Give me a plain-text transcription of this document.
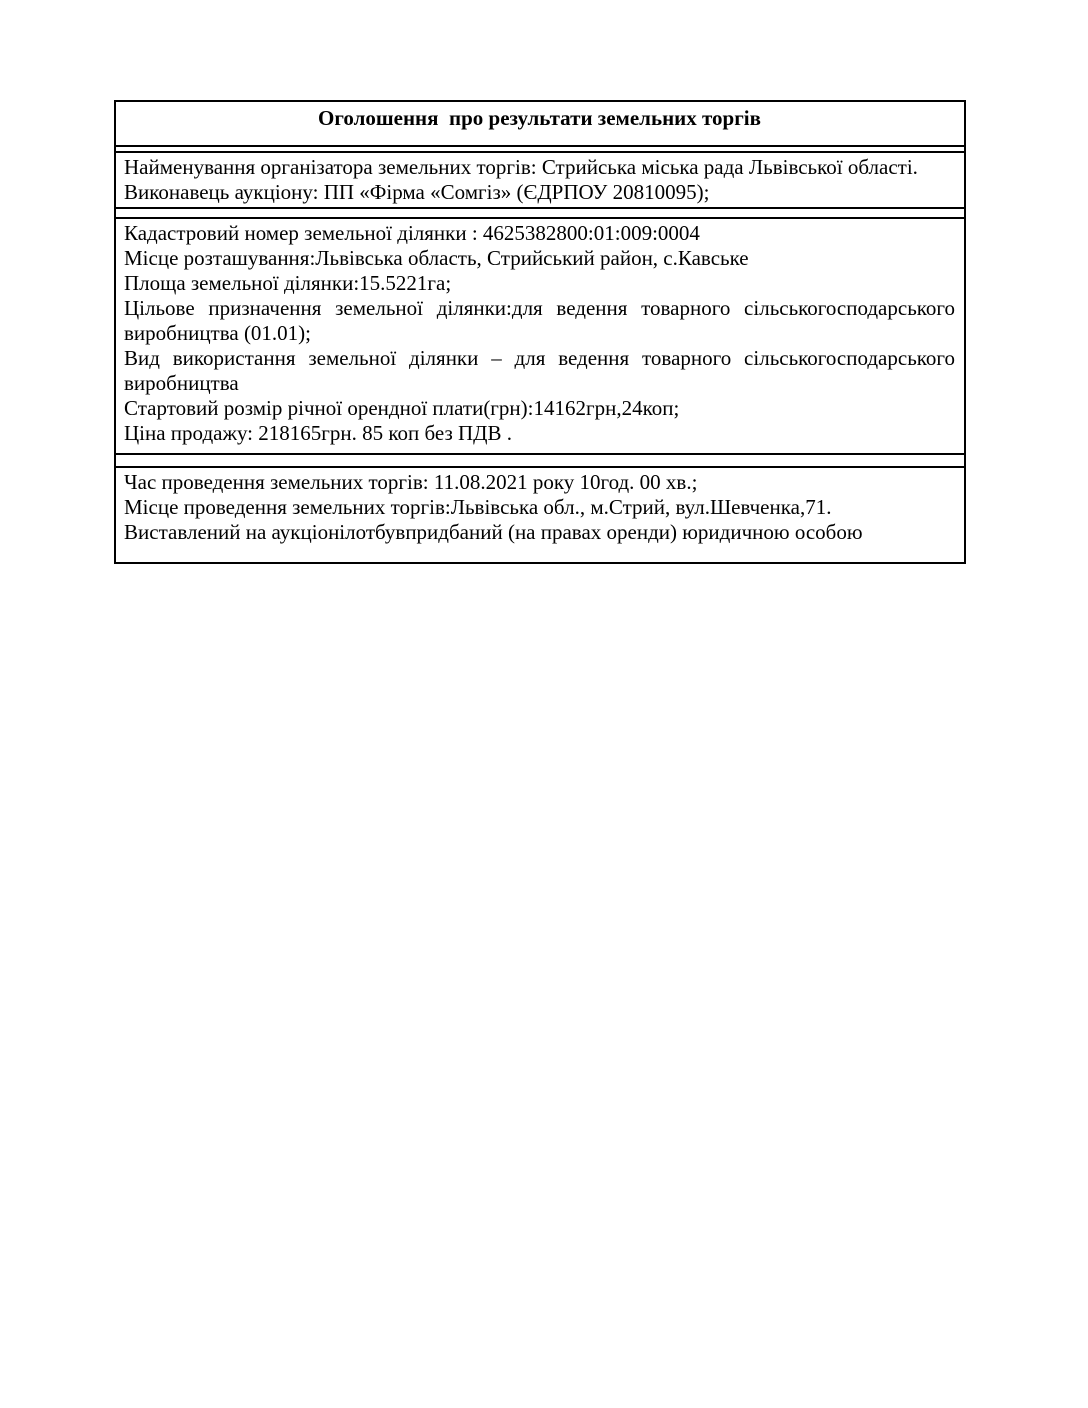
Оголошення  про результати земельних торгів

Найменування організатора земельних торгів: Стрийська міська рада Львівської області.

Виконавець аукціону: ПП «Фірма «Сомгіз» (ЄДРПОУ 20810095);

Кадастровий номер земельної ділянки : 4625382800:01:009:0004

Місце розташування:Львівська область, Стрийський район, с.Кавське

Площа земельної ділянки:15.5221га;

Цільове призначення земельної ділянки:для ведення товарного сільськогосподарського виробництва (01.01);

Вид використання земельної ділянки – для ведення товарного сільськогосподарського виробництва

Стартовий розмір річної орендної плати(грн):14162грн,24коп;

Ціна продажу: 218165грн. 85 коп без ПДВ .

Час проведення земельних торгів: 11.08.2021 року 10год. 00 хв.;

Місце проведення земельних торгів:Львівська обл., м.Стрий, вул.Шевченка,71.

Виставлений на аукціонілотбувпридбаний (на правах оренди) юридичною особою
